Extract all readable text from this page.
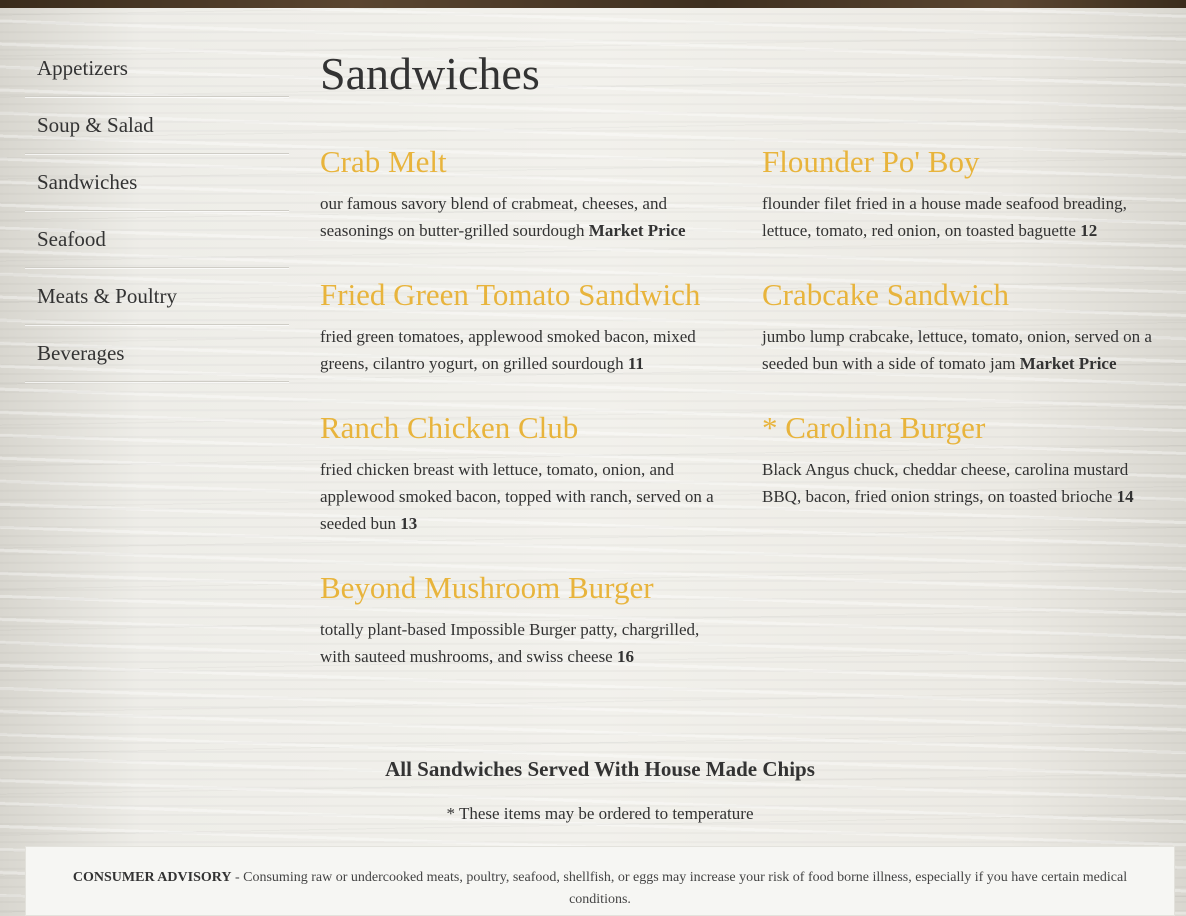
Appetizers
Soup & Salad
Sandwiches
Seafood
Meats & Poultry
Beverages
Sandwiches
Crab Melt

our famous savory blend of crabmeat, cheeses, and seasonings on butter-grilled sourdough Market Price

Fried Green Tomato Sandwich

fried green tomatoes, applewood smoked bacon, mixed greens, cilantro yogurt, on grilled sourdough 11

Ranch Chicken Club

fried chicken breast with lettuce, tomato, onion, and applewood smoked bacon, topped with ranch, served on a seeded bun 13

Beyond Mushroom Burger

totally plant-based Impossible Burger patty, chargrilled, with sauteed mushrooms, and swiss cheese 16

Flounder Po' Boy

flounder filet fried in a house made seafood breading, lettuce, tomato, red onion, on toasted baguette 12

Crabcake Sandwich

jumbo lump crabcake, lettuce, tomato, onion, served on a seeded bun with a side of tomato jam Market Price

* Carolina Burger

Black Angus chuck, cheddar cheese, carolina mustard BBQ, bacon, fried onion strings, on toasted brioche 14

All Sandwiches Served With House Made Chips

* These items may be ordered to temperature

CONSUMER ADVISORY - Consuming raw or undercooked meats, poultry, seafood, shellfish, or eggs may increase your risk of food borne illness, especially if you have certain medical conditions.
